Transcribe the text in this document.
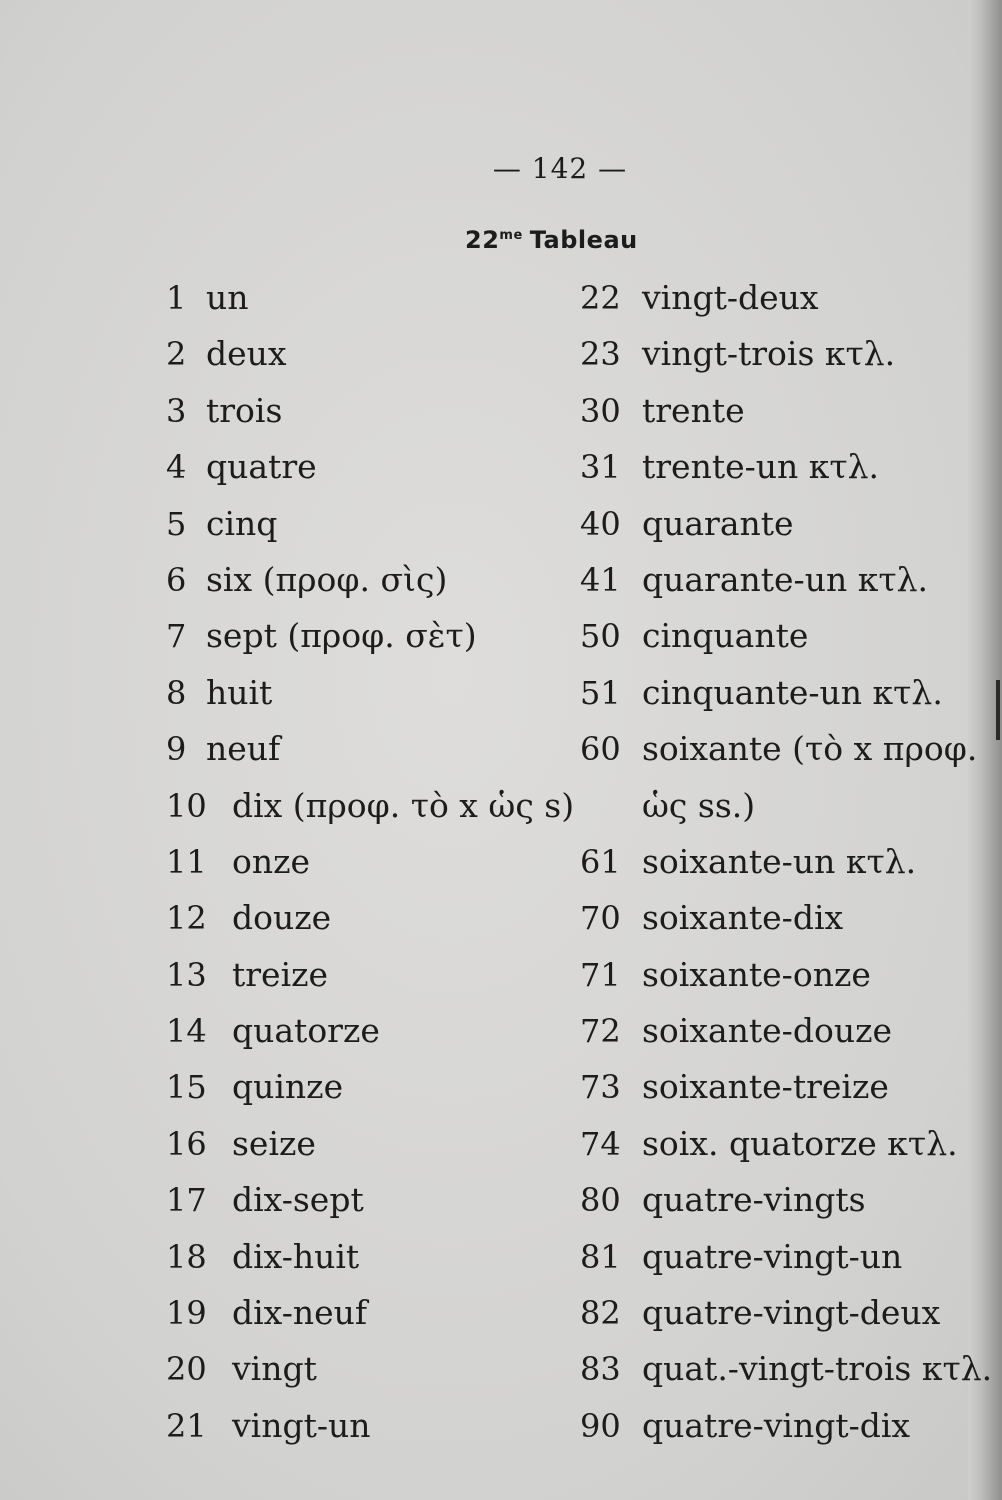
— 142 —
$22^{me}$ Tableau
1 un
2 deux
3 trois
4 quatre
5 cinq
6 six (προφ. σὶς)
7 sept (προφ. σὲτ)
8 huit
9 neuf
10 dix (προφ. τὸ x ὡς s)
11 onze
12 douze
13 treize
14 quatorze
15 quinze
16 seize
17 dix-sept
18 dix-huit
19 dix-neuf
20 vingt
21 vingt-un
22 vingt-deux
23 vingt-trois κτλ.
30 trente
31 trente-un κτλ.
40 quarante
41 quarante-un κτλ.
50 cinquante
51 cinquante-un κτλ.
60 soixante (τὸ x προφ.
ὡς ss.)
61 soixante-un κτλ.
70 soixante-dix
71 soixante-onze
72 soixante-douze
73 soixante-treize
74 soix. quatorze κτλ.
80 quatre-vingts
81 quatre-vingt-un
82 quatre-vingt-deux
83 quat.-vingt-trois κτλ.
90 quatre-vingt-dix
